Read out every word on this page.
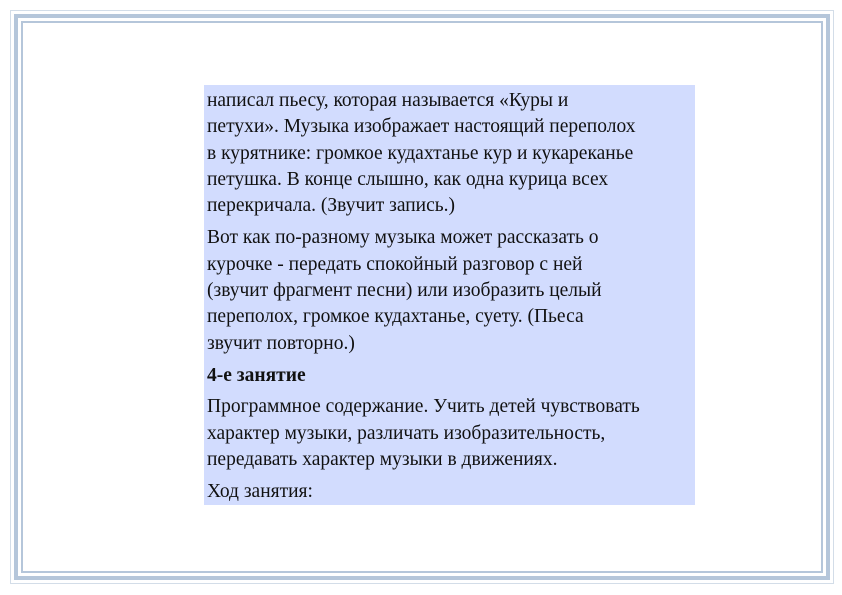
написал пьесу, которая называется «Куры и
петухи». Музыка изображает настоящий переполох
в курятнике: громкое кудахтанье кур и кукареканье
петушка. В конце слышно, как одна курица всех
перекричала. (Звучит запись.)

Вот как по-разному музыка может рассказать о
курочке - передать спокойный разговор с ней
(звучит фрагмент песни) или изобразить целый
переполох, громкое кудахтанье, суету. (Пьеса
звучит повторно.)

4-е занятие

Программное содержание. Учить детей чувствовать
характер музыки, различать изобразительность,
передавать характер музыки в движениях.

Ход занятия:
